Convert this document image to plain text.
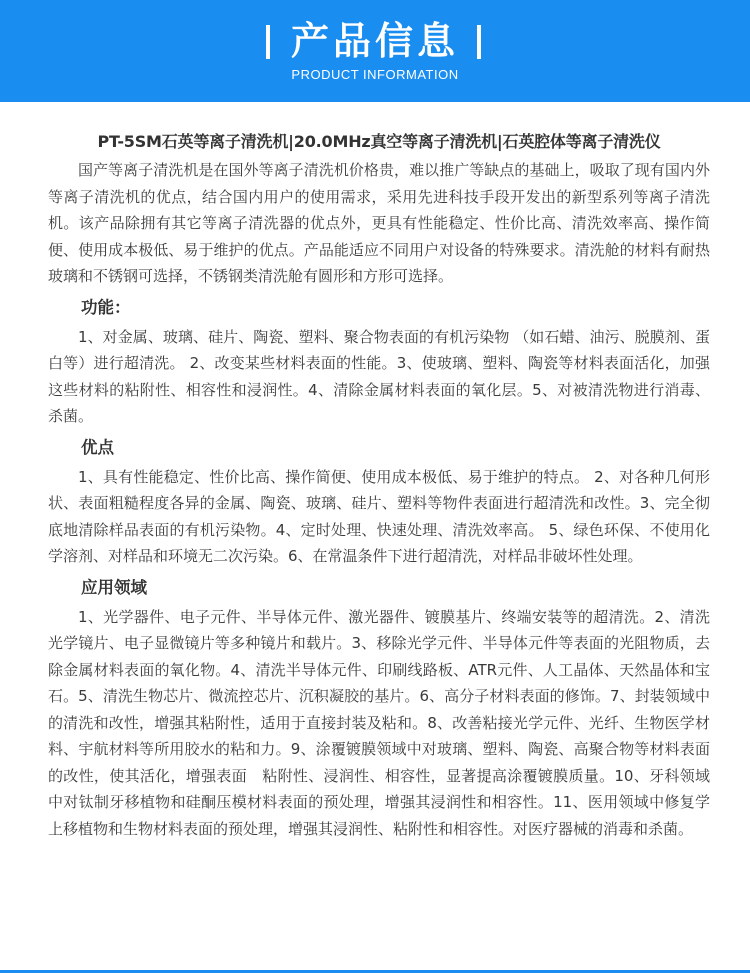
产品信息
PRODUCT INFORMATION
PT-5SM石英等离子清洗机|20.0MHz真空等离子清洗机|石英腔体等离子清洗仪

国产等离子清洗机是在国外等离子清洗机价格贵，难以推广等缺点的基础上，吸取了现有国内外等离子清洗机的优点，结合国内用户的使用需求，采用先进科技手段开发出的新型系列等离子清洗机。该产品除拥有其它等离子清洗器的优点外，更具有性能稳定、性价比高、清洗效率高、操作简便、使用成本极低、易于维护的优点。产品能适应不同用户对设备的特殊要求。清洗舱的材料有耐热玻璃和不锈钢可选择，不锈钢类清洗舱有圆形和方形可选择。

功能：

1、对金属、玻璃、硅片、陶瓷、塑料、聚合物表面的有机污染物 （如石蜡、油污、脱膜剂、蛋白等）进行超清洗。 2、改变某些材料表面的性能。3、使玻璃、塑料、陶瓷等材料表面活化，加强这些材料的粘附性、相容性和浸润性。4、清除金属材料表面的氧化层。5、对被清洗物进行消毒、杀菌。

优点

1、具有性能稳定、性价比高、操作简便、使用成本极低、易于维护的特点。 2、对各种几何形状、表面粗糙程度各异的金属、陶瓷、玻璃、硅片、塑料等物件表面进行超清洗和改性。3、完全彻底地清除样品表面的有机污染物。4、定时处理、快速处理、清洗效率高。 5、绿色环保、不使用化学溶剂、对样品和环境无二次污染。6、在常温条件下进行超清洗，对样品非破坏性处理。

应用领域

1、光学器件、电子元件、半导体元件、激光器件、镀膜基片、终端安装等的超清洗。2、清洗光学镜片、电子显微镜片等多种镜片和载片。3、移除光学元件、半导体元件等表面的光阻物质，去除金属材料表面的氧化物。4、清洗半导体元件、印刷线路板、ATR元件、人工晶体、天然晶体和宝石。5、清洗生物芯片、微流控芯片、沉积凝胶的基片。6、高分子材料表面的修饰。7、封装领域中的清洗和改性，增强其粘附性，适用于直接封装及粘和。8、改善粘接光学元件、光纤、生物医学材料、宇航材料等所用胶水的粘和力。9、涂覆镀膜领域中对玻璃、塑料、陶瓷、高聚合物等材料表面的改性，使其活化，增强表面　粘附性、浸润性、相容性，显著提高涂覆镀膜质量。10、牙科领域中对钛制牙移植物和硅酮压模材料表面的预处理，增强其浸润性和相容性。11、医用领域中修复学上移植物和生物材料表面的预处理，增强其浸润性、粘附性和相容性。对医疗器械的消毒和杀菌。
